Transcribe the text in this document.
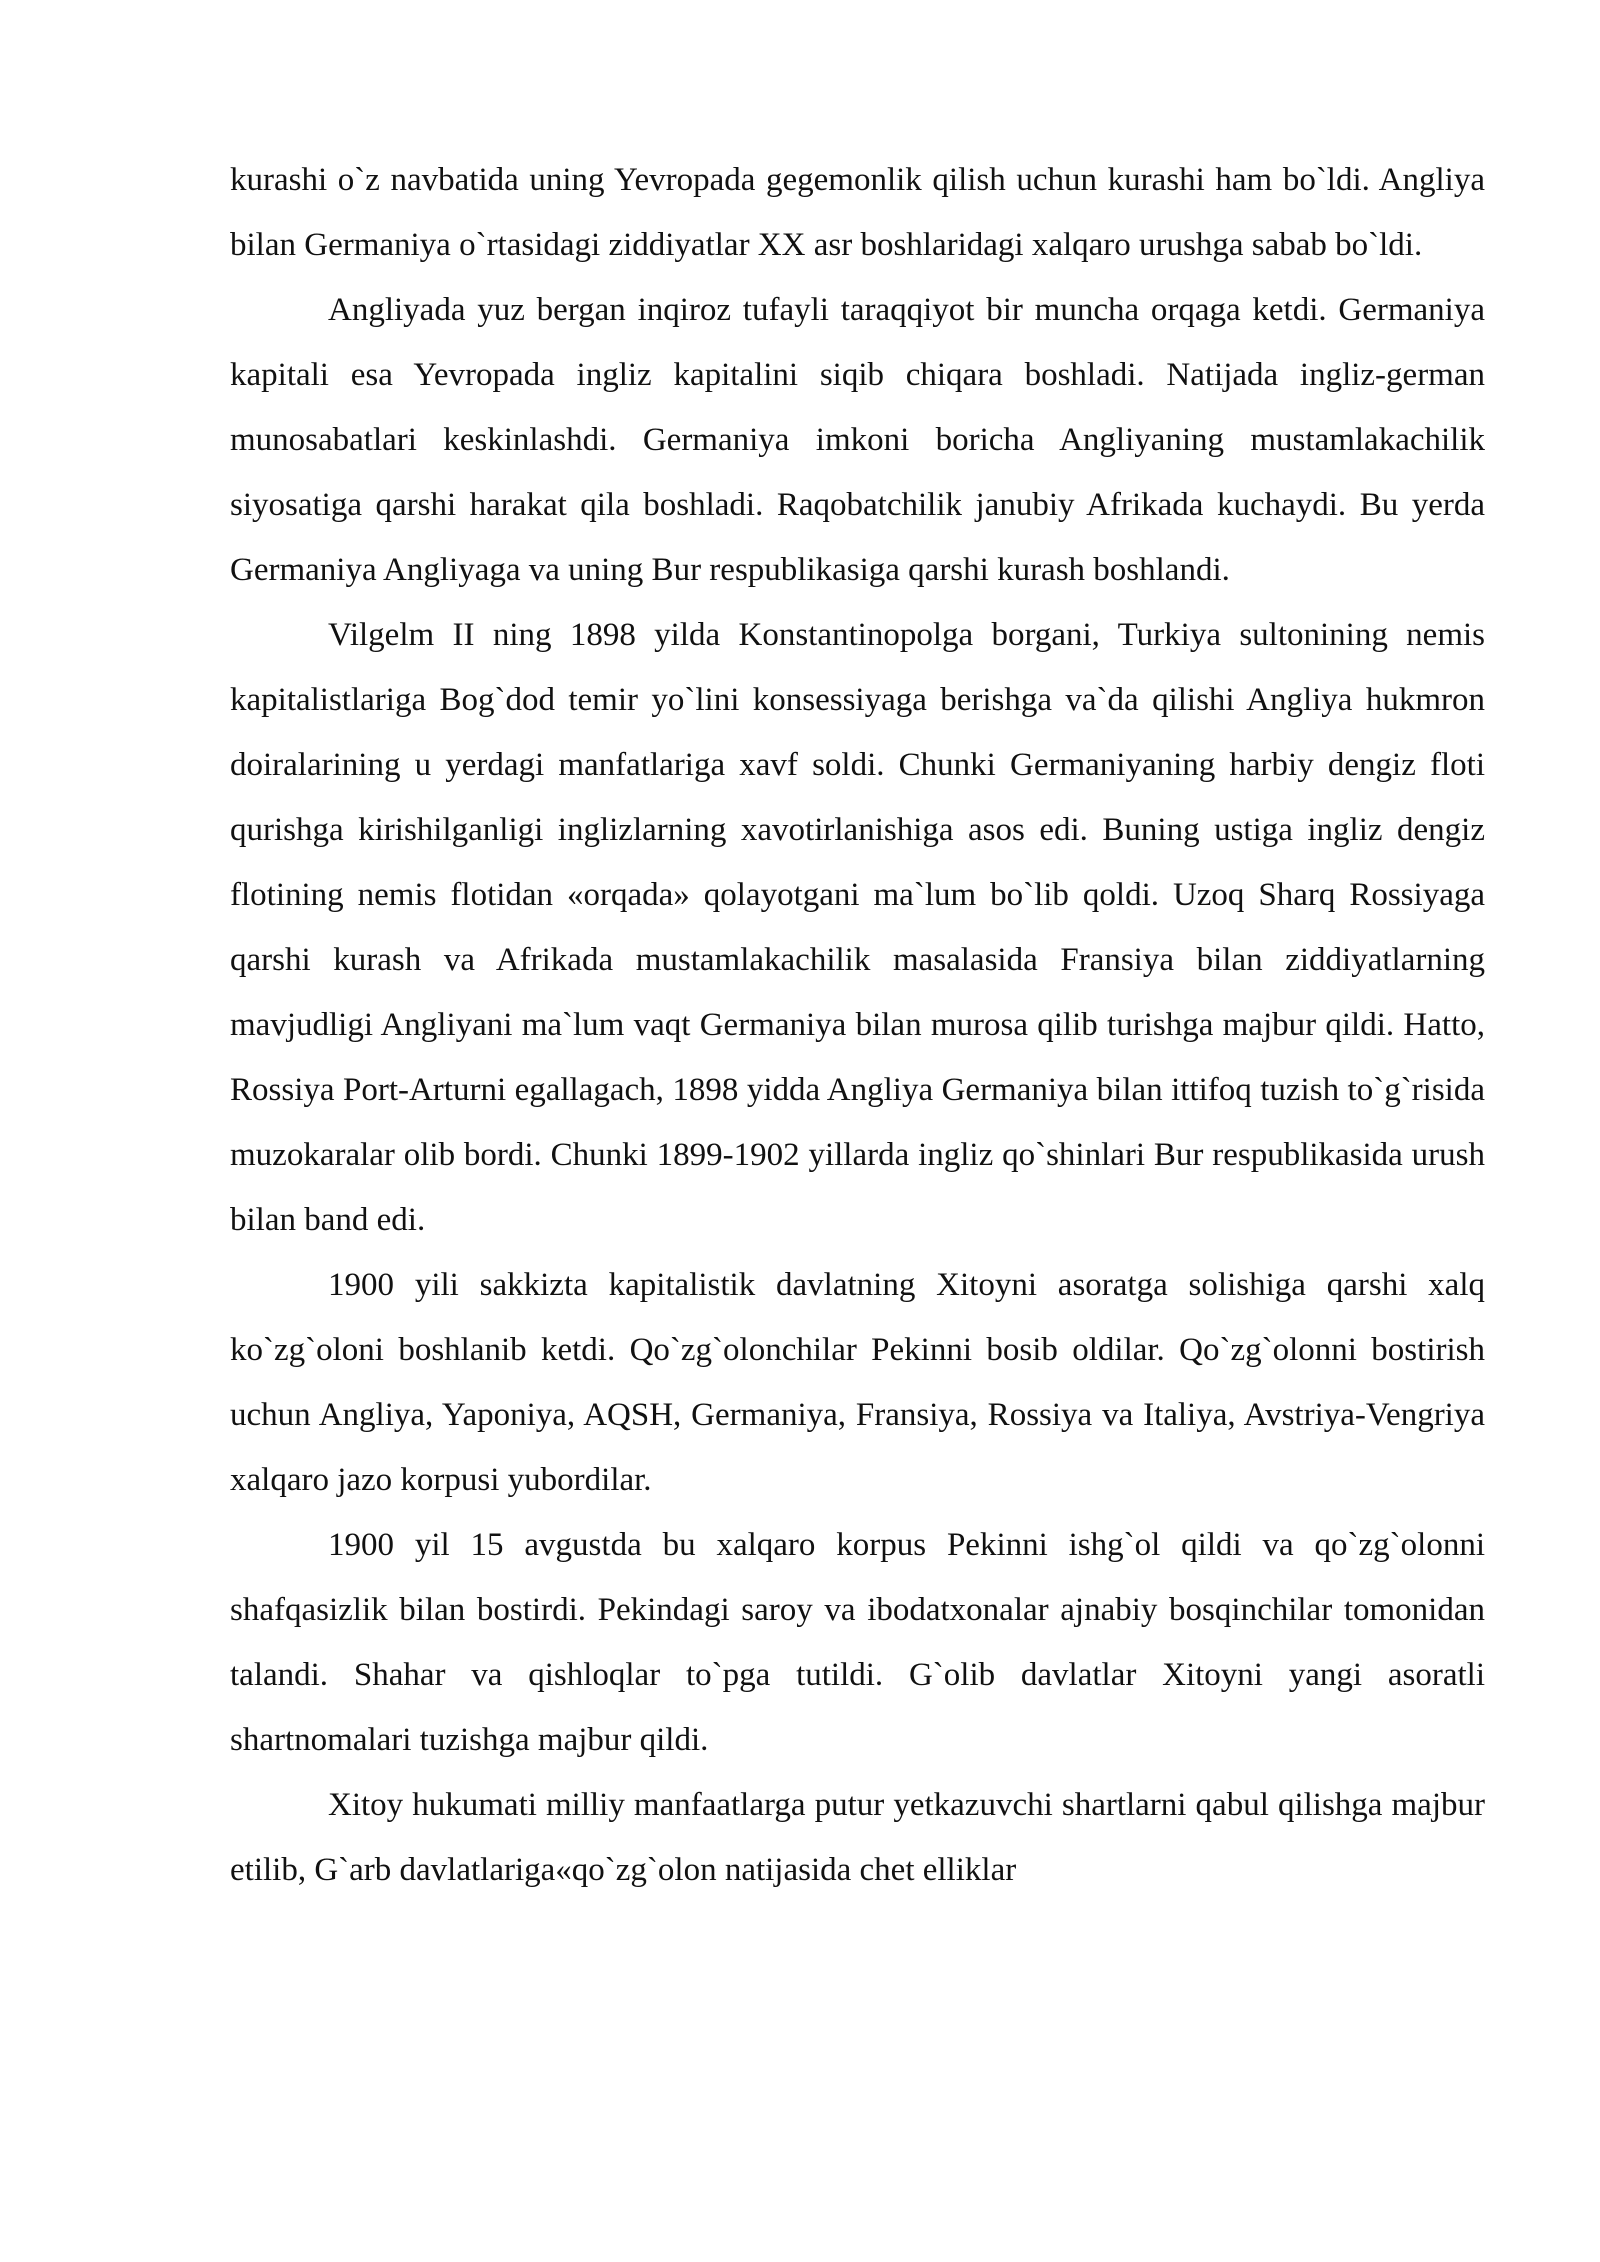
kurashi o`z navbatida uning Yevropada gegemonlik qilish uchun kurashi ham bo`ldi. Angliya bilan Germaniya o`rtasidagi ziddiyatlar XX asr boshlaridagi xalqaro urushga sabab bo`ldi.

Angliyada yuz bergan inqiroz tufayli taraqqiyot bir muncha orqaga ketdi. Germaniya kapitali esa Yevropada ingliz kapitalini siqib chiqara boshladi. Natijada ingliz-german munosabatlari keskinlashdi. Germaniya imkoni boricha Angliyaning mustamlakachilik siyosatiga qarshi harakat qila boshladi. Raqobatchilik janubiy Afrikada kuchaydi. Bu yerda Germaniya Angliyaga va uning Bur respublikasiga qarshi kurash boshlandi.

Vilgelm II ning 1898 yilda Konstantinopolga borgani, Turkiya sultonining nemis kapitalistlariga Bog`dod temir yo`lini konsessiyaga berishga va`da qilishi Angliya hukmron doiralarining u yerdagi manfatlariga xavf soldi. Chunki Germaniyaning harbiy dengiz floti qurishga kirishilganligi inglizlarning xavotirlanishiga asos edi. Buning ustiga ingliz dengiz flotining nemis flotidan «orqada» qolayotgani ma`lum bo`lib qoldi. Uzoq Sharq Rossiyaga qarshi kurash va Afrikada mustamlakachilik masalasida Fransiya bilan ziddiyatlarning mavjudligi Angliyani ma`lum vaqt Germaniya bilan murosa qilib turishga majbur qildi. Hatto, Rossiya Port-Arturni egallagach, 1898 yidda Angliya Germaniya bilan ittifoq tuzish to`g`risida muzokaralar olib bordi. Chunki 1899-1902 yillarda ingliz qo`shinlari Bur respublikasida urush bilan band edi.

1900 yili sakkizta kapitalistik davlatning Xitoyni asoratga solishiga qarshi xalq ko`zg`oloni boshlanib ketdi. Qo`zg`olonchilar Pekinni bosib oldilar. Qo`zg`olonni bostirish uchun Angliya, Yaponiya, AQSH, Germaniya, Fransiya, Rossiya va Italiya, Avstriya-Vengriya xalqaro jazo korpusi yubordilar.

1900 yil 15 avgustda bu xalqaro korpus Pekinni ishg`ol qildi va qo`zg`olonni shafqasizlik bilan bostirdi. Pekindagi saroy va ibodatxonalar ajnabiy bosqinchilar tomonidan talandi. Shahar va qishloqlar to`pga tutildi. G`olib davlatlar Xitoyni yangi asoratli shartnomalari tuzishga majbur qildi.

Xitoy hukumati milliy manfaatlarga putur yetkazuvchi shartlarni qabul qilishga majbur etilib, G`arb davlatlariga«qo`zg`olon natijasida chet elliklar
